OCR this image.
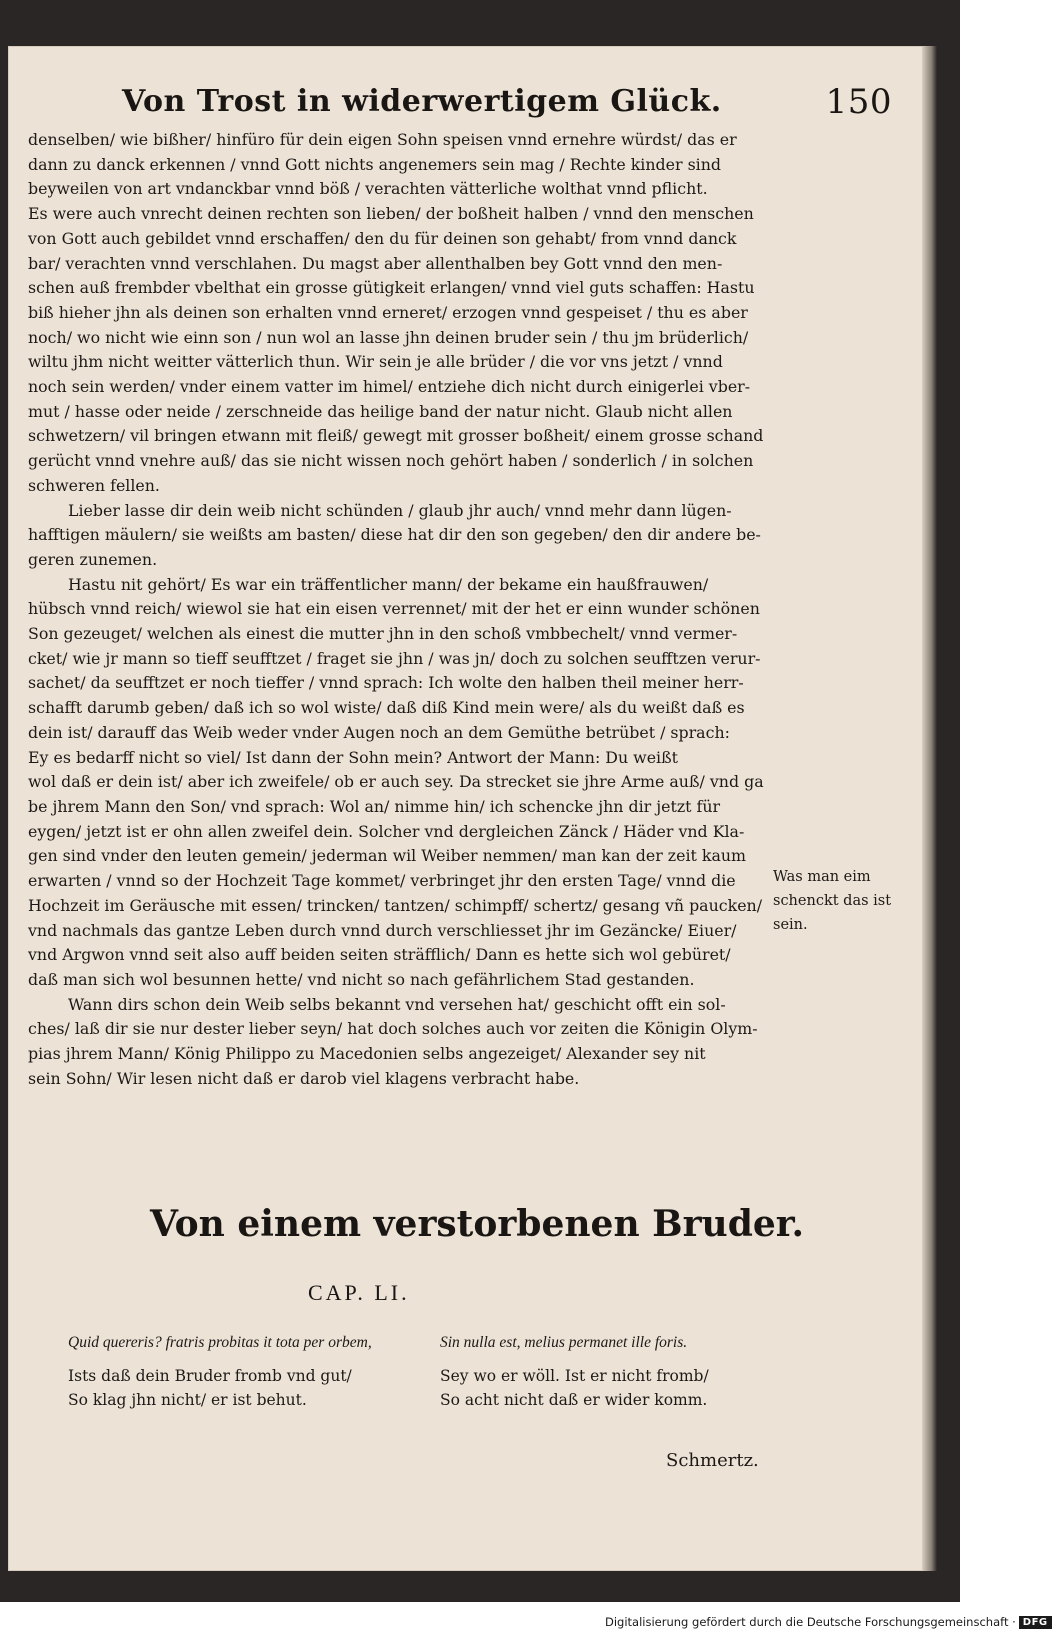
Von Trost in widerwertigem Glück.	150

denselben/ wie bißher/ hinfüro für dein eigen Sohn speisen vnnd ernehre würdst/ das er
dann zu danck erkennen / vnnd Gott nichts angenemers sein mag / Rechte kinder sind
beyweilen von art vndanckbar vnnd böß / verachten vätterliche wolthat vnnd pflicht.
Es were auch vnrecht deinen rechten son lieben/ der boßheit halben / vnnd den menschen
von Gott auch gebildet vnnd erschaffen/ den du für deinen son gehabt/ from vnnd danck
bar/ verachten vnnd verschlahen. Du magst aber allenthalben bey Gott vnnd den men-
schen auß frembder vbelthat ein grosse gütigkeit erlangen/ vnnd viel guts schaffen: Hastu
biß hieher jhn als deinen son erhalten vnnd erneret/ erzogen vnnd gespeiset / thu es aber
noch/ wo nicht wie einn son / nun wol an lasse jhn deinen bruder sein / thu jm brüderlich/
wiltu jhm nicht weitter vätterlich thun. Wir sein je alle brüder / die vor vns jetzt / vnnd
noch sein werden/ vnder einem vatter im himel/ entziehe dich nicht durch einigerlei vber-
mut / hasse oder neide / zerschneide das heilige band der natur nicht. Glaub nicht allen
schwetzern/ vil bringen etwann mit fleiß/ gewegt mit grosser boßheit/ einem grosse schand
gerücht vnnd vnehre auß/ das sie nicht wissen noch gehört haben / sonderlich / in solchen
schweren fellen.

Lieber lasse dir dein weib nicht schünden / glaub jhr auch/ vnnd mehr dann lügen-
hafftigen mäulern/ sie weißts am basten/ diese hat dir den son gegeben/ den dir andere be-
geren zunemen.

Hastu nit gehört/ Es war ein träffentlicher mann/ der bekame ein haußfrauwen/
hübsch vnnd reich/ wiewol sie hat ein eisen verrennet/ mit der het er einn wunder schönen
Son gezeuget/ welchen als einest die mutter jhn in den schoß vmbbechelt/ vnnd vermer-
cket/ wie jr mann so tieff seufftzet / fraget sie jhn / was jn/ doch zu solchen seufftzen verur-
sachet/ da seufftzet er noch tieffer / vnnd sprach: Ich wolte den halben theil meiner herr-
schafft darumb geben/ daß ich so wol wiste/ daß diß Kind mein were/ als du weißt daß es
dein ist/ darauff das Weib weder vnder Augen noch an dem Gemüthe betrübet / sprach:
Ey es bedarff nicht so viel/ Ist dann der Sohn mein? Antwort der Mann: Du weißt
wol daß er dein ist/ aber ich zweifele/ ob er auch sey. Da strecket sie jhre Arme auß/ vnd ga
be jhrem Mann den Son/ vnd sprach: Wol an/ nimme hin/ ich schencke jhn dir jetzt für
eygen/ jetzt ist er ohn allen zweifel dein. Solcher vnd dergleichen Zänck / Häder vnd Kla-
gen sind vnder den leuten gemein/ jederman wil Weiber nemmen/ man kan der zeit kaum
erwarten / vnnd so der Hochzeit Tage kommet/ verbringet jhr den ersten Tage/ vnnd die
Hochzeit im Geräusche mit essen/ trincken/ tantzen/ schimpff/ schertz/ gesang vñ paucken/
vnd nachmals das gantze Leben durch vnnd durch verschliesset jhr im Gezäncke/ Eiuer/
vnd Argwon vnnd seit also auff beiden seiten sträfflich/ Dann es hette sich wol gebüret/
daß man sich wol besunnen hette/ vnd nicht so nach gefährlichem Stad gestanden.

Wann dirs schon dein Weib selbs bekannt vnd versehen hat/ geschicht offt ein sol-
ches/ laß dir sie nur dester lieber seyn/ hat doch solches auch vor zeiten die Königin Olym-
pias jhrem Mann/ König Philippo zu Macedonien selbs angezeiget/ Alexander sey nit
sein Sohn/ Wir lesen nicht daß er darob viel klagens verbracht habe.

Was man eim
schenckt das ist
sein.
Von einem verstorbenen Bruder.
CAP. LI.
Quid quereris? fratris probitas it tota per orbem,	Sin nulla est, melius permanet ille foris.
Ists daß dein Bruder fromb vnd gut/
So klag jhn nicht/ er ist behut.
Sey wo er wöll. Ist er nicht fromb/
So acht nicht daß er wider komm.
Schmertz.
Digitalisierung gefördert durch die Deutsche Forschungsgemeinschaft · DFG
